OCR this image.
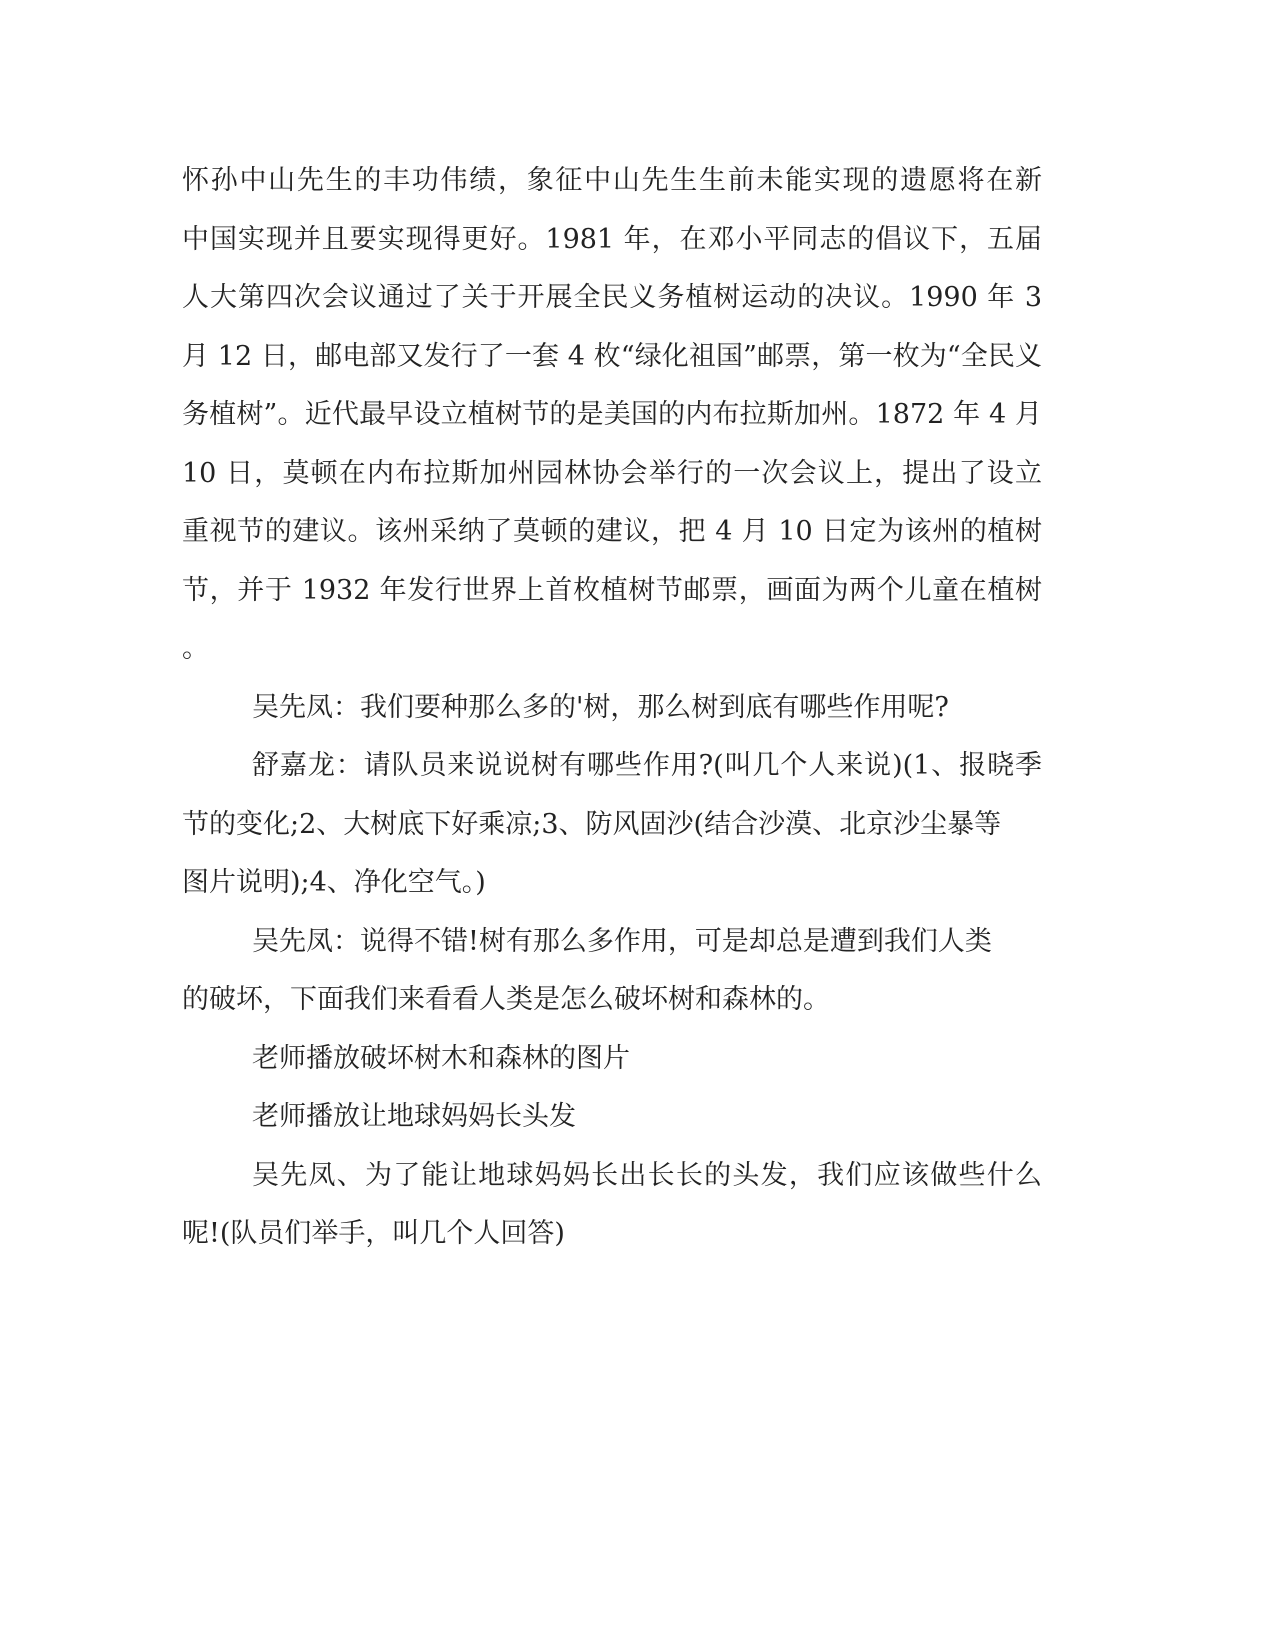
怀孙中山先生的丰功伟绩，象征中山先生生前未能实现的遗愿将在新
中国实现并且要实现得更好。1981 年，在邓小平同志的倡议下，五届
人大第四次会议通过了关于开展全民义务植树运动的决议。1990 年 3
月 12 日，邮电部又发行了一套 4 枚“绿化祖国”邮票，第一枚为“全民义
务植树”。近代最早设立植树节的是美国的内布拉斯加州。1872 年 4 月
10 日，莫顿在内布拉斯加州园林协会举行的一次会议上，提出了设立
重视节的建议。该州采纳了莫顿的建议，把 4 月 10 日定为该州的植树
节，并于 1932 年发行世界上首枚植树节邮票，画面为两个儿童在植树
。
吴先凤：我们要种那么多的'树，那么树到底有哪些作用呢?
舒嘉龙：请队员来说说树有哪些作用?(叫几个人来说)(1、报晓季
节的变化;2、大树底下好乘凉;3、防风固沙(结合沙漠、北京沙尘暴等
图片说明);4、净化空气。)
吴先凤：说得不错!树有那么多作用，可是却总是遭到我们人类
的破坏，下面我们来看看人类是怎么破坏树和森林的。
老师播放破坏树木和森林的图片
老师播放让地球妈妈长头发
吴先凤、为了能让地球妈妈长出长长的头发，我们应该做些什么
呢!(队员们举手，叫几个人回答)
